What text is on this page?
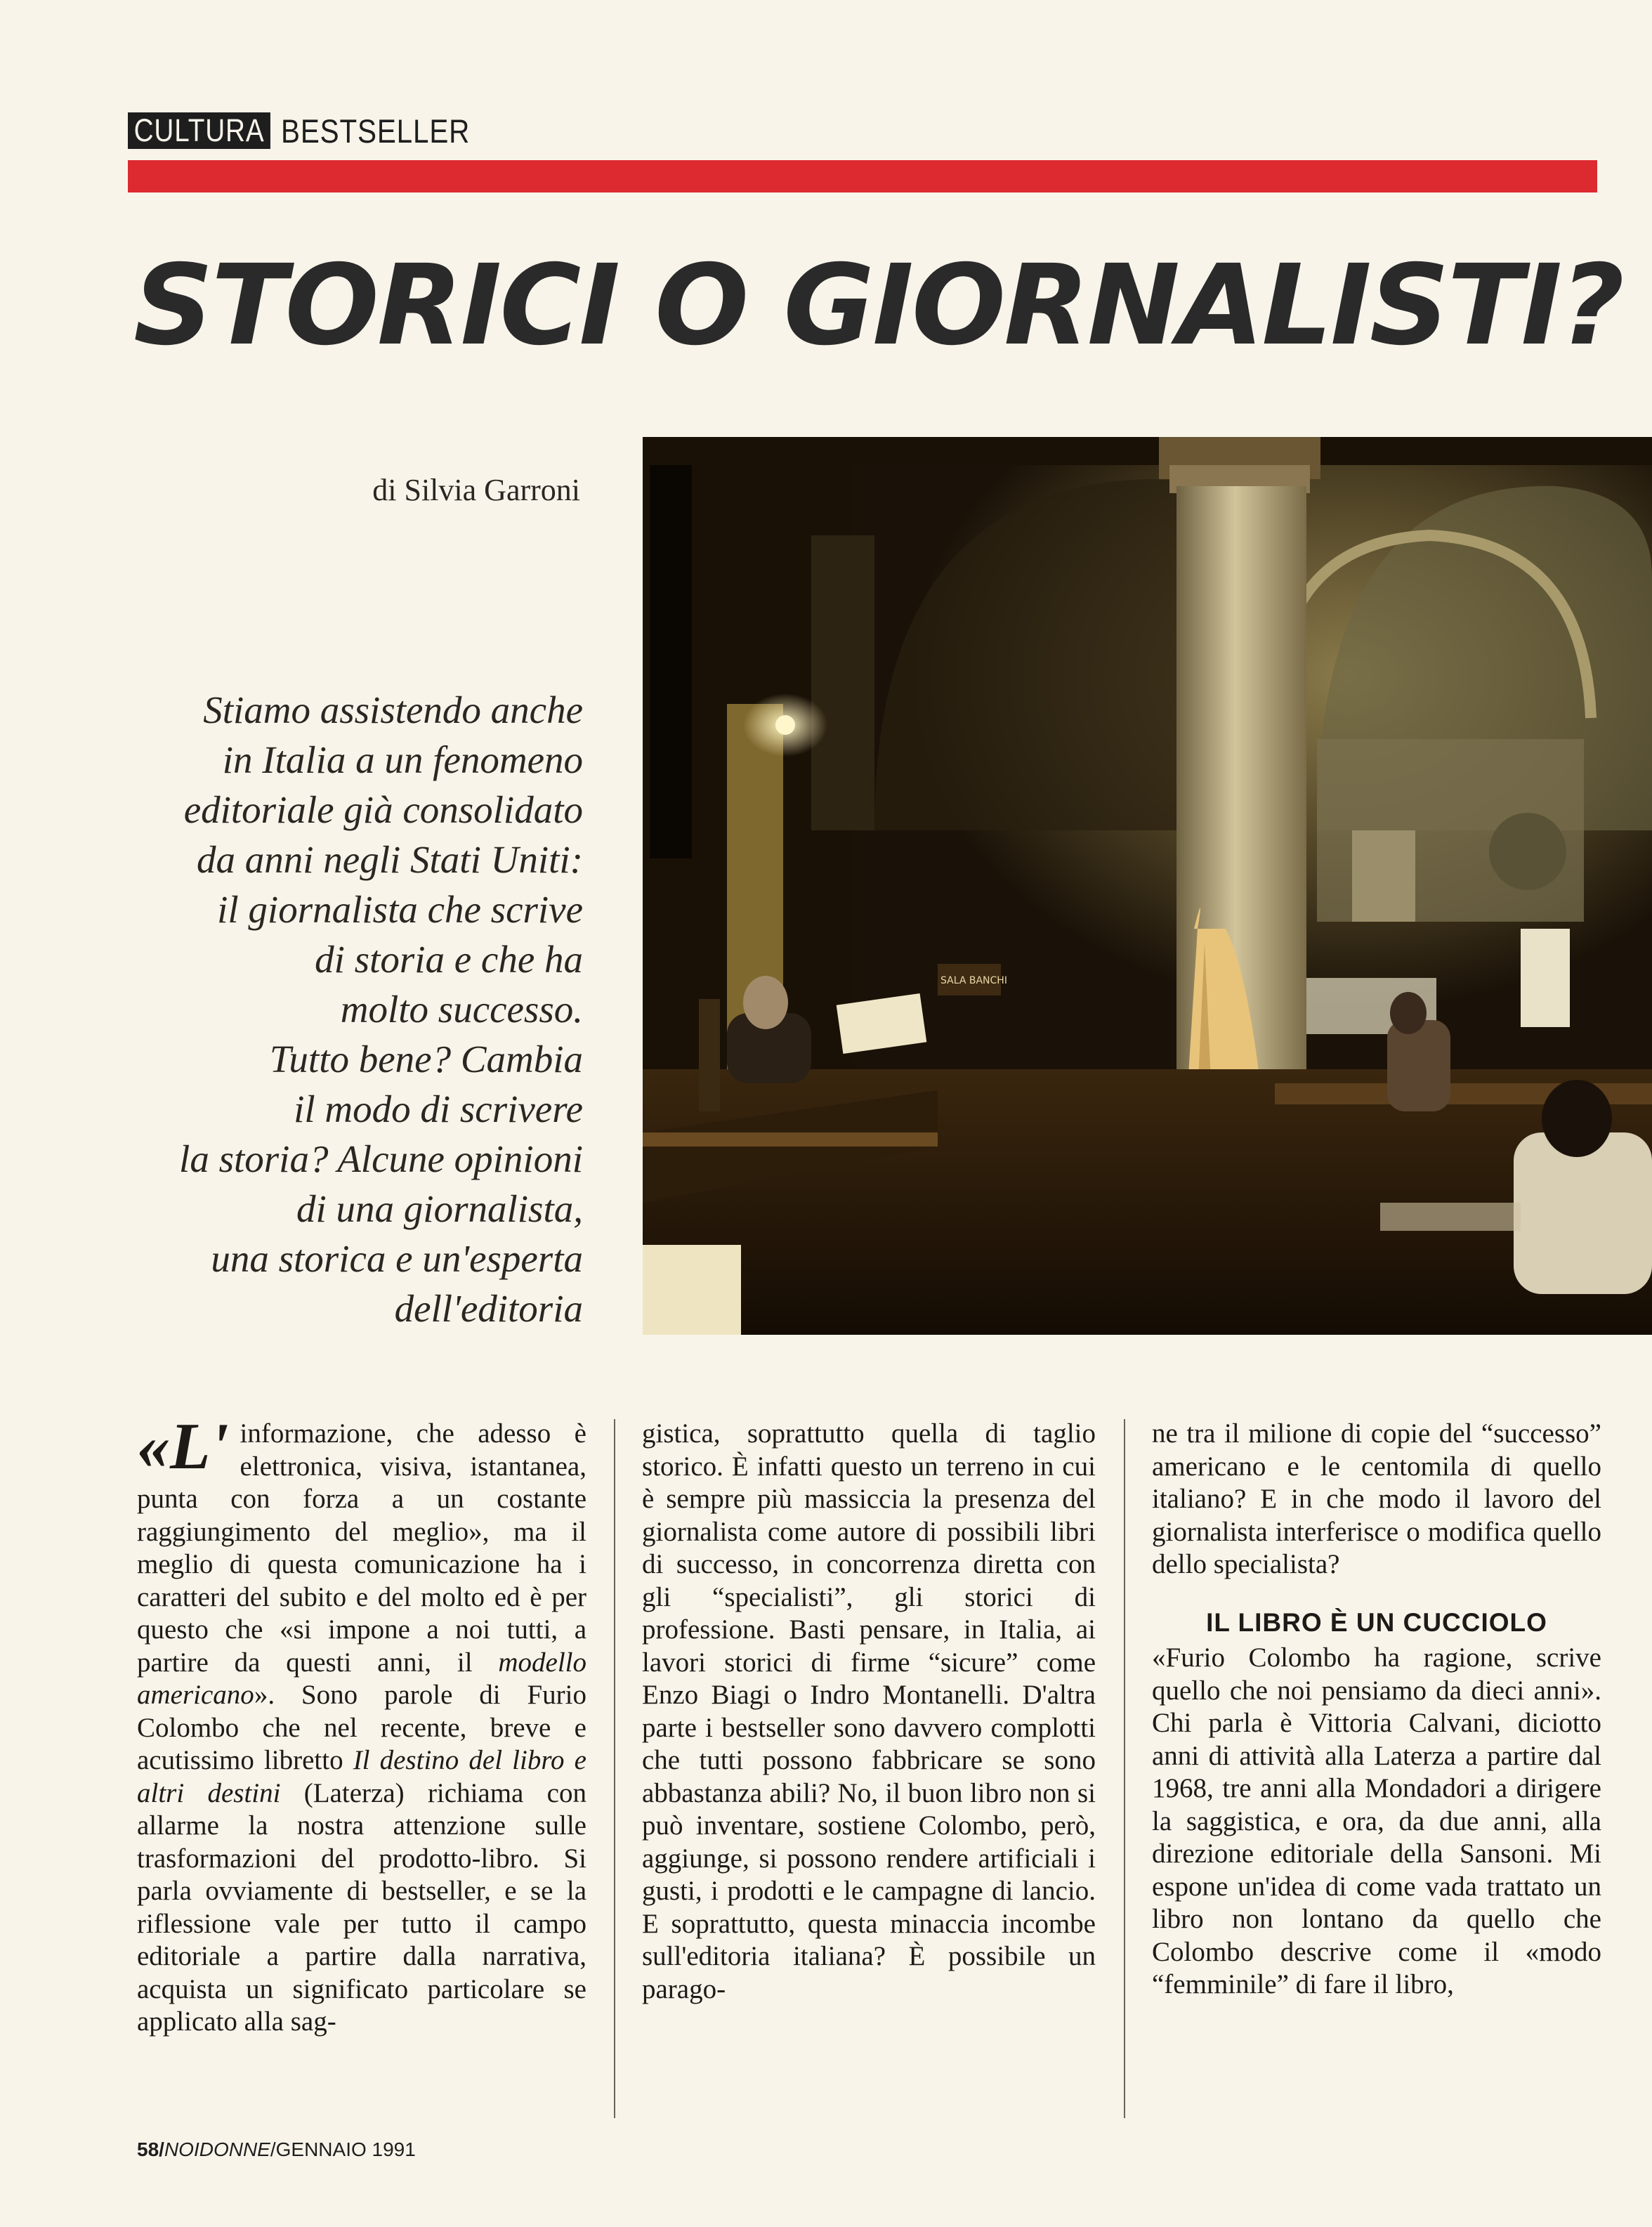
CULTURA BESTSELLER
STORICI O GIORNALISTI?
di Silvia Garroni
Stiamo assistendo anche
in Italia a un fenomeno
editoriale già consolidato
da anni negli Stati Uniti:
il giornalista che scrive
di storia e che ha
molto successo.
Tutto bene? Cambia
il modo di scrivere
la storia? Alcune opinioni
di una giornalista,
una storica e un'esperta
dell'editoria
SALA BANCHI
«L' informazione, che adesso è elettronica, visiva, istantanea, punta con forza a un costante raggiungimento del meglio», ma il meglio di questa comunicazione ha i caratteri del subito e del molto ed è per questo che «si impone a noi tutti, a partire da questi anni, il modello americano». Sono parole di Furio Colombo che nel recente, breve e acutissimo libretto Il destino del libro e altri destini (Laterza) richiama con allarme la nostra attenzione sulle trasformazioni del prodotto-libro. Si parla ovviamente di bestseller, e se la riflessione vale per tutto il campo editoriale a partire dalla narrativa, acquista un significato particolare se applicato alla sag-
gistica, soprattutto quella di taglio storico. È infatti questo un terreno in cui è sempre più massiccia la presenza del giornalista come autore di possibili libri di successo, in concorrenza diretta con gli “specialisti”, gli storici di professione. Basti pensare, in Italia, ai lavori storici di firme “sicure” come Enzo Biagi o Indro Montanelli. D'altra parte i bestseller sono davvero complotti che tutti possono fabbricare se sono abbastanza abili? No, il buon libro non si può inventare, sostiene Colombo, però, aggiunge, si possono rendere artificiali i gusti, i prodotti e le campagne di lancio. E soprattutto, questa minaccia incombe sull'editoria italiana? È possibile un parago-
ne tra il milione di copie del “successo” americano e le centomila di quello italiano? E in che modo il lavoro del giornalista interferisce o modifica quello dello specialista?
IL LIBRO È UN CUCCIOLO
«Furio Colombo ha ragione, scrive quello che noi pensiamo da dieci anni». Chi parla è Vittoria Calvani, diciotto anni di attività alla Laterza a partire dal 1968, tre anni alla Mondadori a dirigere la saggistica, e ora, da due anni, alla direzione editoriale della Sansoni. Mi espone un'idea di come vada trattato un libro non lontano da quello che Colombo descrive come il «modo “femminile” di fare il libro,
58/NOIDONNE/GENNAIO 1991
